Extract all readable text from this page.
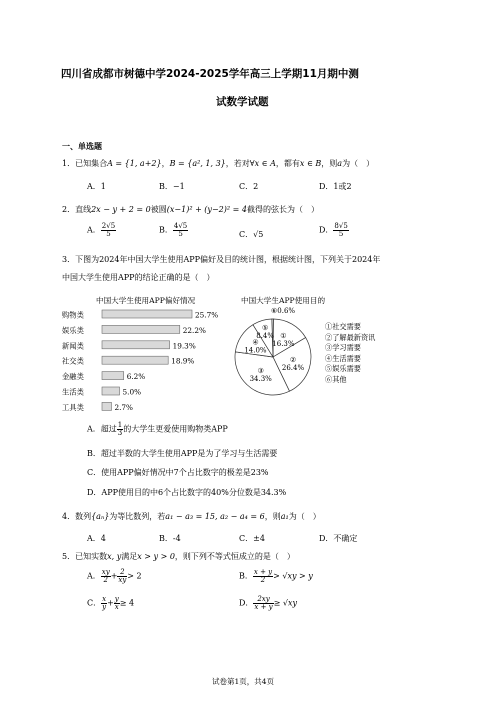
四川省成都市树德中学2024-2025学年高三上学期11月期中测
试数学试题
一、单选题
1．已知集合A = {1, a+2}，B = {a², 1, 3}，若对∀x ∈ A，都有x ∈ B，则a为（　）
A．1	B．−1	C．2	D．1或2
2．直线2x − y + 2 = 0被圆(x−1)² + (y−2)² = 4截得的弦长为（　）
A． $\frac{2√5}{5}$	B． $\frac{4√5}{5}$	C．√5	D． $\frac{8√5}{5}$
3．下图为2024年中国大学生使用APP偏好及目的统计图，根据统计图，下列关于2024年
中国大学生使用APP的结论正确的是（　）
中国大学生使用APP偏好情况
购物类	25.7%
娱乐类	22.2%
新闻类	19.3%
社交类	18.9%
金融类	6.2%
生活类	5.0%
工具类	2.7%
中国大学生APP使用目的
①
16.3%
②
26.4%
③
34.3%
④
14.0%
⑤
8.4%
⑥0.6%
①社交需要
②了解最新资讯
③学习需要
④生活需要
⑤娱乐需要
⑥其他
A．超过 $\frac{1}{3}$ 的大学生更爱使用购物类APP
B．超过半数的大学生使用APP是为了学习与生活需要
C．使用APP偏好情况中7个占比数字的极差是23%
D．APP使用目的中6个占比数字的40%分位数是34.3%
4．数列{aₙ}为等比数列，若a₁ − a₃ = 15, a₂ − a₄ = 6，则a₁为（　）
A．4	B．-4	C．±4	D．不确定
5．已知实数x, y满足x > y > 0，则下列不等式恒成立的是（　）
A． $\frac{xy}{2} + \frac{2}{xy} > 2$	B． $\frac{x + y}{2} > √xy > y$
C． $\frac{x}{y} + \frac{y}{x} \ge 4$	D． $\frac{2xy}{x + y} \ge √xy$
试卷第1页，共4页
